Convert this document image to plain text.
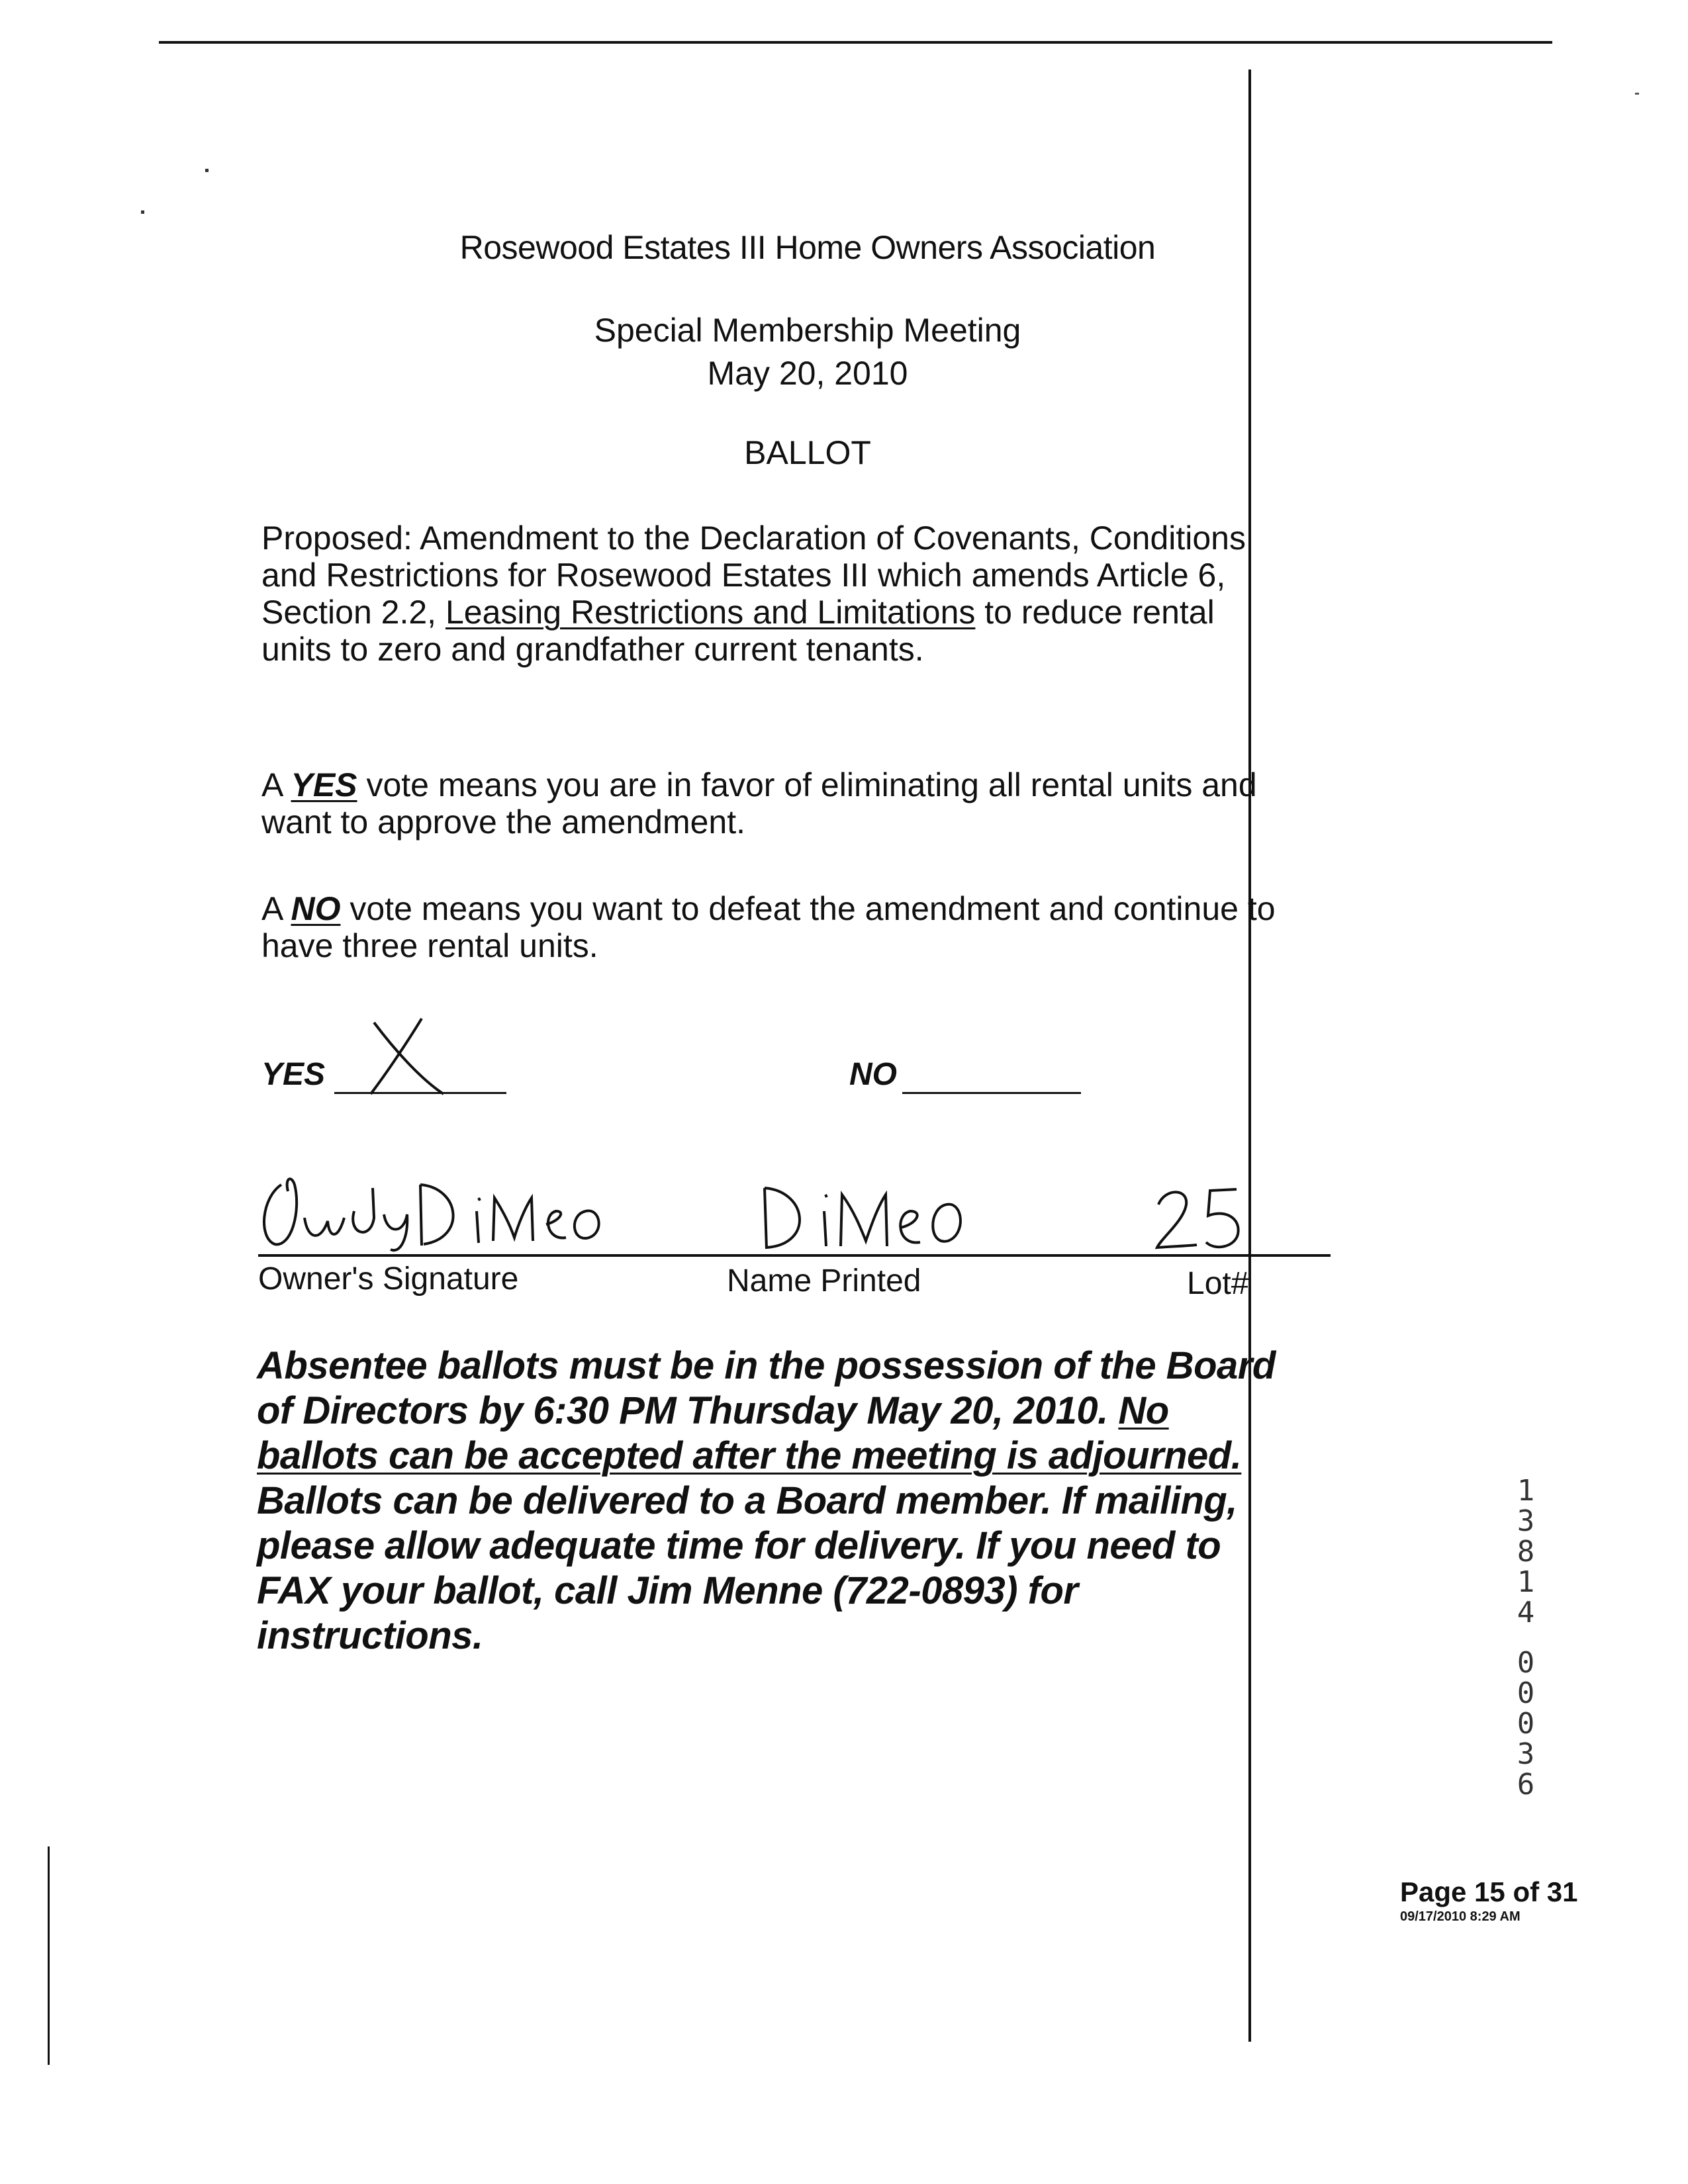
Rosewood Estates III Home Owners Association
Special Membership Meeting
May 20, 2010
BALLOT
Proposed: Amendment to the Declaration of Covenants, Conditions
and Restrictions for Rosewood Estates III which amends Article 6,
Section 2.2, Leasing Restrictions and Limitations to reduce rental
units to zero and grandfather current tenants.
A YES vote means you are in favor of eliminating all rental units and
want to approve the amendment.
A NO vote means you want to defeat the amendment and continue to
have three rental units.
YES	NO
Owner's Signature	Name Printed	Lot#
Absentee ballots must be in the possession of the Board
of Directors by 6:30 PM Thursday May 20, 2010. No
ballots can be accepted after the meeting is adjourned.
Ballots can be delivered to a Board member. If mailing,
please allow adequate time for delivery. If you need to
FAX your ballot, call Jim Menne (722-0893) for
instructions.
1
3
8
1
4
0
0
0
3
6
Page 15 of 31
09/17/2010 8:29 AM
